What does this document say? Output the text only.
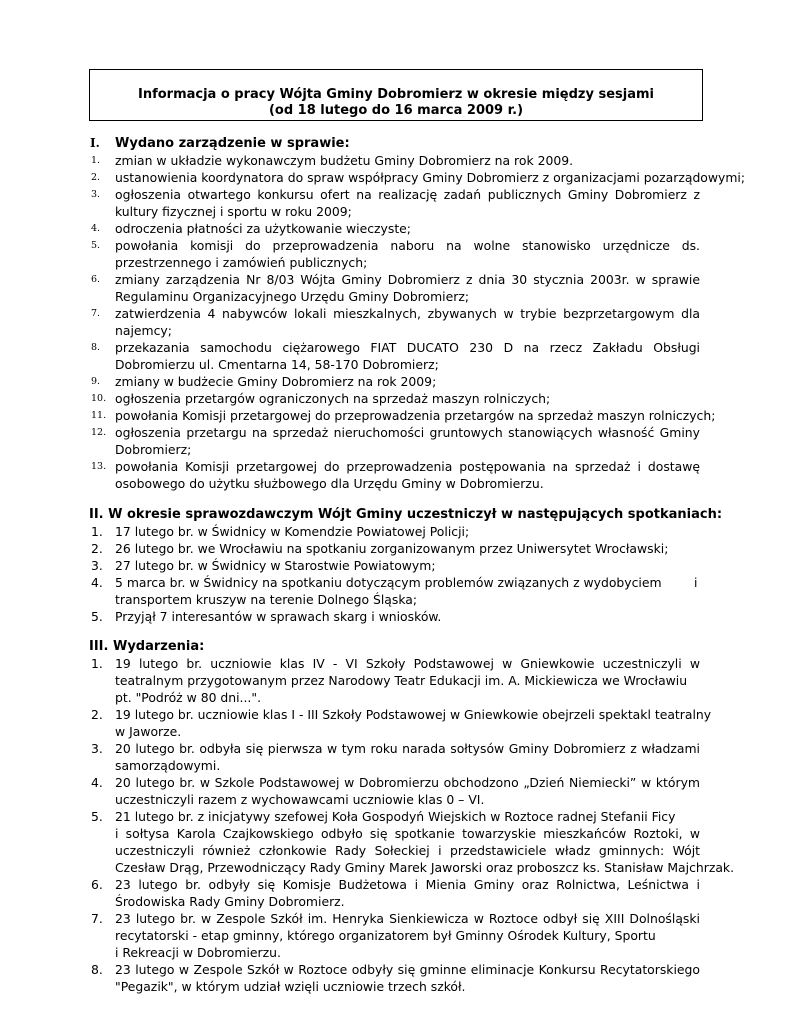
Informacja o pracy Wójta Gminy Dobromierz w okresie między sesjami
(od 18 lutego do 16 marca 2009 r.)
I. Wydano zarządzenie w sprawie:
1. zmian w układzie wykonawczym budżetu Gminy Dobromierz na rok 2009.
2. ustanowienia koordynatora do spraw współpracy Gminy Dobromierz z organizacjami pozarządowymi;
3. ogłoszenia otwartego konkursu ofert na realizację zadań publicznych Gminy Dobromierz z
kultury fizycznej i sportu w roku 2009;
4. odroczenia płatności za użytkowanie wieczyste;
5. powołania komisji do przeprowadzenia naboru na wolne stanowisko urzędnicze ds.
przestrzennego i zamówień publicznych;
6. zmiany zarządzenia Nr 8/03 Wójta Gminy Dobromierz z dnia 30 stycznia 2003r. w sprawie
Regulaminu Organizacyjnego Urzędu Gminy Dobromierz;
7. zatwierdzenia 4 nabywców lokali mieszkalnych, zbywanych w trybie bezprzetargowym dla
najemcy;
8. przekazania samochodu ciężarowego FIAT DUCATO 230 D na rzecz Zakładu Obsługi
Dobromierzu ul. Cmentarna 14, 58-170 Dobromierz;
9. zmiany w budżecie Gminy Dobromierz na rok 2009;
10. ogłoszenia przetargów ograniczonych na sprzedaż maszyn rolniczych;
11. powołania Komisji przetargowej do przeprowadzenia przetargów na sprzedaż maszyn rolniczych;
12. ogłoszenia przetargu na sprzedaż nieruchomości gruntowych stanowiących własność Gminy
Dobromierz;
13. powołania Komisji przetargowej do przeprowadzenia postępowania na sprzedaż i dostawę
osobowego do użytku służbowego dla Urzędu Gminy w Dobromierzu.
II. W okresie sprawozdawczym Wójt Gminy uczestniczył w następujących spotkaniach:
1. 17 lutego br. w Świdnicy w Komendzie Powiatowej Policji;
2. 26 lutego br. we Wrocławiu na spotkaniu zorganizowanym przez Uniwersytet Wrocławski;
3. 27 lutego br. w Świdnicy w Starostwie Powiatowym;
4. 5 marca br. w Świdnicy na spotkaniu dotyczącym problemów związanych z wydobyciem	i
transportem kruszyw na terenie Dolnego Śląska;
5. Przyjął 7 interesantów w sprawach skarg i wniosków.
III. Wydarzenia:
1. 19 lutego br. uczniowie klas IV - VI Szkoły Podstawowej w Gniewkowie uczestniczyli w
teatralnym przygotowanym przez Narodowy Teatr Edukacji im. A. Mickiewicza we Wrocławiu
pt. "Podróż w 80 dni...".
2. 19 lutego br. uczniowie klas I - III Szkoły Podstawowej w Gniewkowie obejrzeli spektakl teatralny
w Jaworze.
3. 20 lutego br. odbyła się pierwsza w tym roku narada sołtysów Gminy Dobromierz z władzami
samorządowymi.
4. 20 lutego br. w Szkole Podstawowej w Dobromierzu obchodzono „Dzień Niemiecki” w którym
uczestniczyli razem z wychowawcami uczniowie klas 0 – VI.
5. 21 lutego br. z inicjatywy szefowej Koła Gospodyń Wiejskich w Roztoce radnej Stefanii Ficy
i sołtysa Karola Czajkowskiego odbyło się spotkanie towarzyskie mieszkańców Roztoki, w
uczestniczyli również członkowie Rady Sołeckiej i przedstawiciele władz gminnych: Wójt
Czesław Drąg, Przewodniczący Rady Gminy Marek Jaworski oraz proboszcz ks. Stanisław Majchrzak.
6. 23 lutego br. odbyły się Komisje Budżetowa i Mienia Gminy oraz Rolnictwa, Leśnictwa i
Środowiska Rady Gminy Dobromierz.
7. 23 lutego br. w Zespole Szkół im. Henryka Sienkiewicza w Roztoce odbył się XIII Dolnośląski
recytatorski - etap gminny, którego organizatorem był Gminny Ośrodek Kultury, Sportu
i Rekreacji w Dobromierzu.
8. 23 lutego w Zespole Szkół w Roztoce odbyły się gminne eliminacje Konkursu Recytatorskiego
"Pegazik", w którym udział wzięli uczniowie trzech szkół.
